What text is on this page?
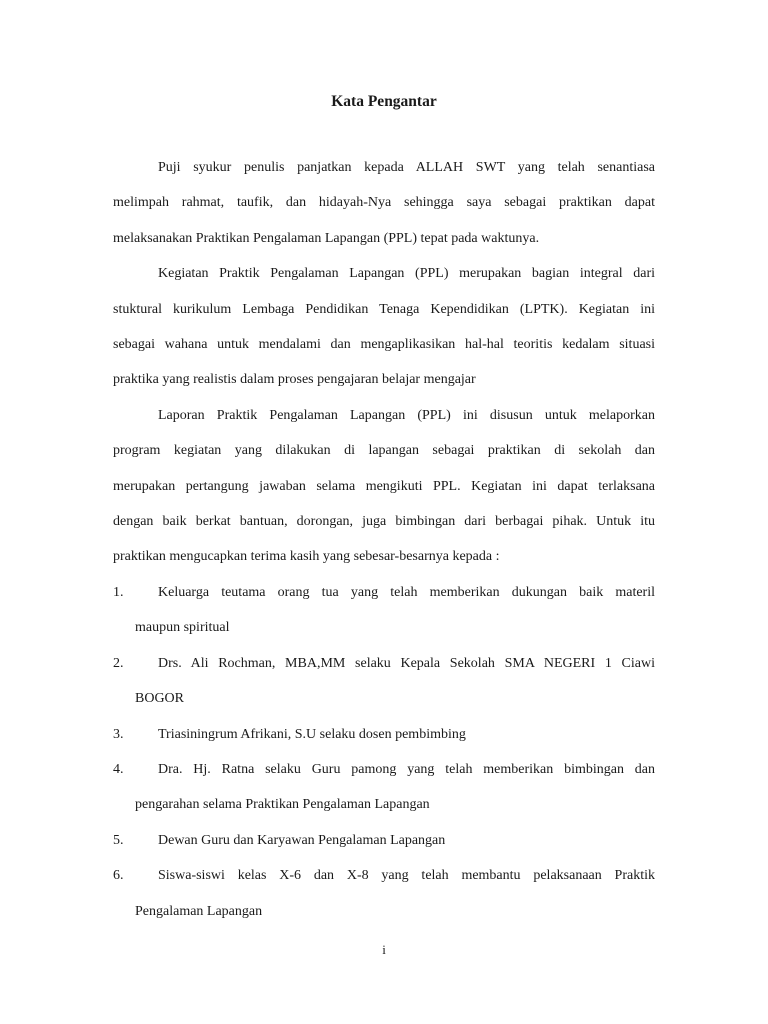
Kata Pengantar
Puji syukur penulis panjatkan kepada ALLAH SWT yang telah senantiasa
melimpah rahmat, taufik, dan hidayah-Nya sehingga saya sebagai praktikan dapat
melaksanakan Praktikan Pengalaman Lapangan (PPL) tepat pada waktunya.
Kegiatan Praktik Pengalaman Lapangan (PPL) merupakan bagian integral dari
stuktural kurikulum Lembaga Pendidikan Tenaga Kependidikan (LPTK). Kegiatan ini
sebagai wahana untuk mendalami dan mengaplikasikan hal-hal teoritis kedalam situasi
praktika yang realistis dalam proses pengajaran belajar mengajar
Laporan Praktik Pengalaman Lapangan (PPL) ini disusun untuk melaporkan
program kegiatan yang dilakukan di lapangan sebagai praktikan di sekolah dan
merupakan pertangung jawaban selama mengikuti PPL. Kegiatan ini dapat terlaksana
dengan baik berkat bantuan, dorongan, juga bimbingan dari berbagai pihak. Untuk itu
praktikan mengucapkan terima kasih yang sebesar-besarnya kepada :
1.	Keluarga teutama orang tua yang telah memberikan dukungan baik materil
maupun spiritual
2.	Drs. Ali Rochman, MBA,MM selaku Kepala Sekolah SMA NEGERI 1 Ciawi
BOGOR
3.	Triasiningrum Afrikani, S.U selaku dosen pembimbing
4.	Dra. Hj. Ratna selaku Guru pamong yang telah memberikan bimbingan dan
pengarahan selama Praktikan Pengalaman Lapangan
5.	Dewan Guru dan Karyawan Pengalaman Lapangan
6.	Siswa-siswi kelas X-6 dan X-8 yang telah membantu pelaksanaan Praktik
Pengalaman Lapangan
i
